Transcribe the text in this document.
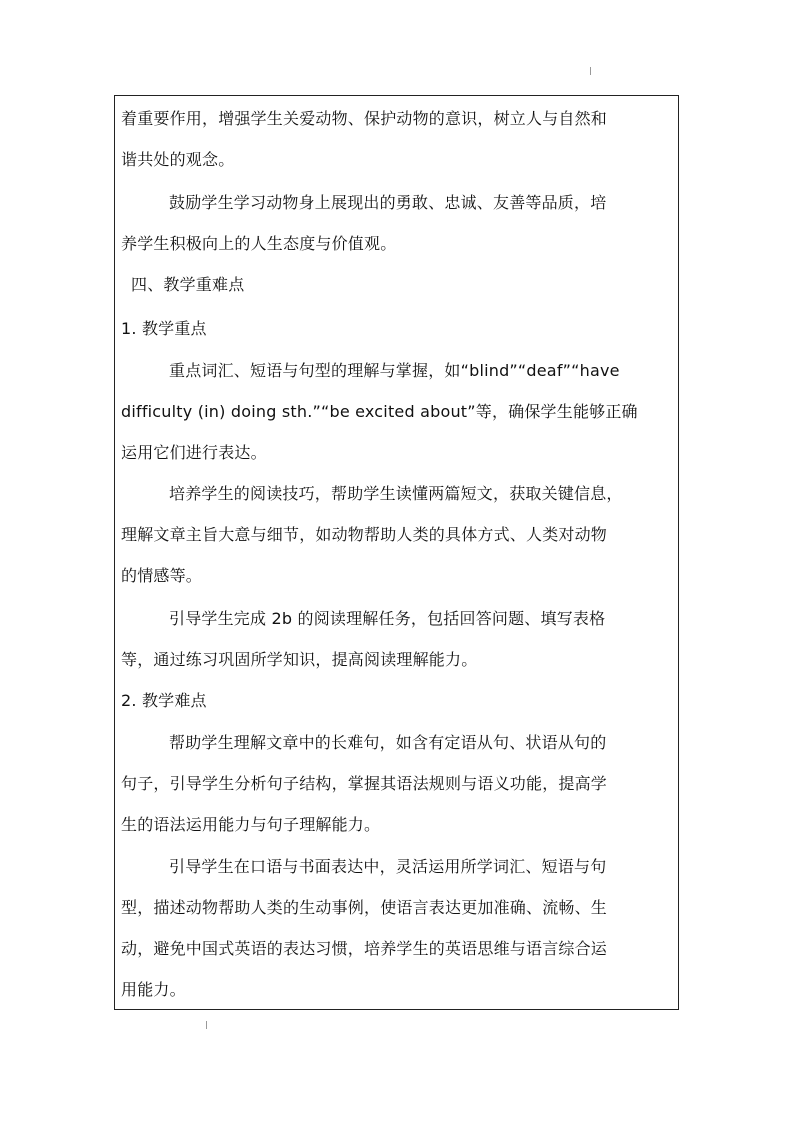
着重要作用，增强学生关爱动物、保护动物的意识，树立人与自然和
谐共处的观念。
鼓励学生学习动物身上展现出的勇敢、忠诚、友善等品质，培
养学生积极向上的人生态度与价值观。
四、教学重难点
1. 教学重点
重点词汇、短语与句型的理解与掌握，如“blind”“deaf”“have
difficulty (in) doing sth.”“be excited about”等，确保学生能够正确
运用它们进行表达。
培养学生的阅读技巧，帮助学生读懂两篇短文，获取关键信息，
理解文章主旨大意与细节，如动物帮助人类的具体方式、人类对动物
的情感等。
引导学生完成 2b 的阅读理解任务，包括回答问题、填写表格
等，通过练习巩固所学知识，提高阅读理解能力。
2. 教学难点
帮助学生理解文章中的长难句，如含有定语从句、状语从句的
句子，引导学生分析句子结构，掌握其语法规则与语义功能，提高学
生的语法运用能力与句子理解能力。
引导学生在口语与书面表达中，灵活运用所学词汇、短语与句
型，描述动物帮助人类的生动事例，使语言表达更加准确、流畅、生
动，避免中国式英语的表达习惯，培养学生的英语思维与语言综合运
用能力。
